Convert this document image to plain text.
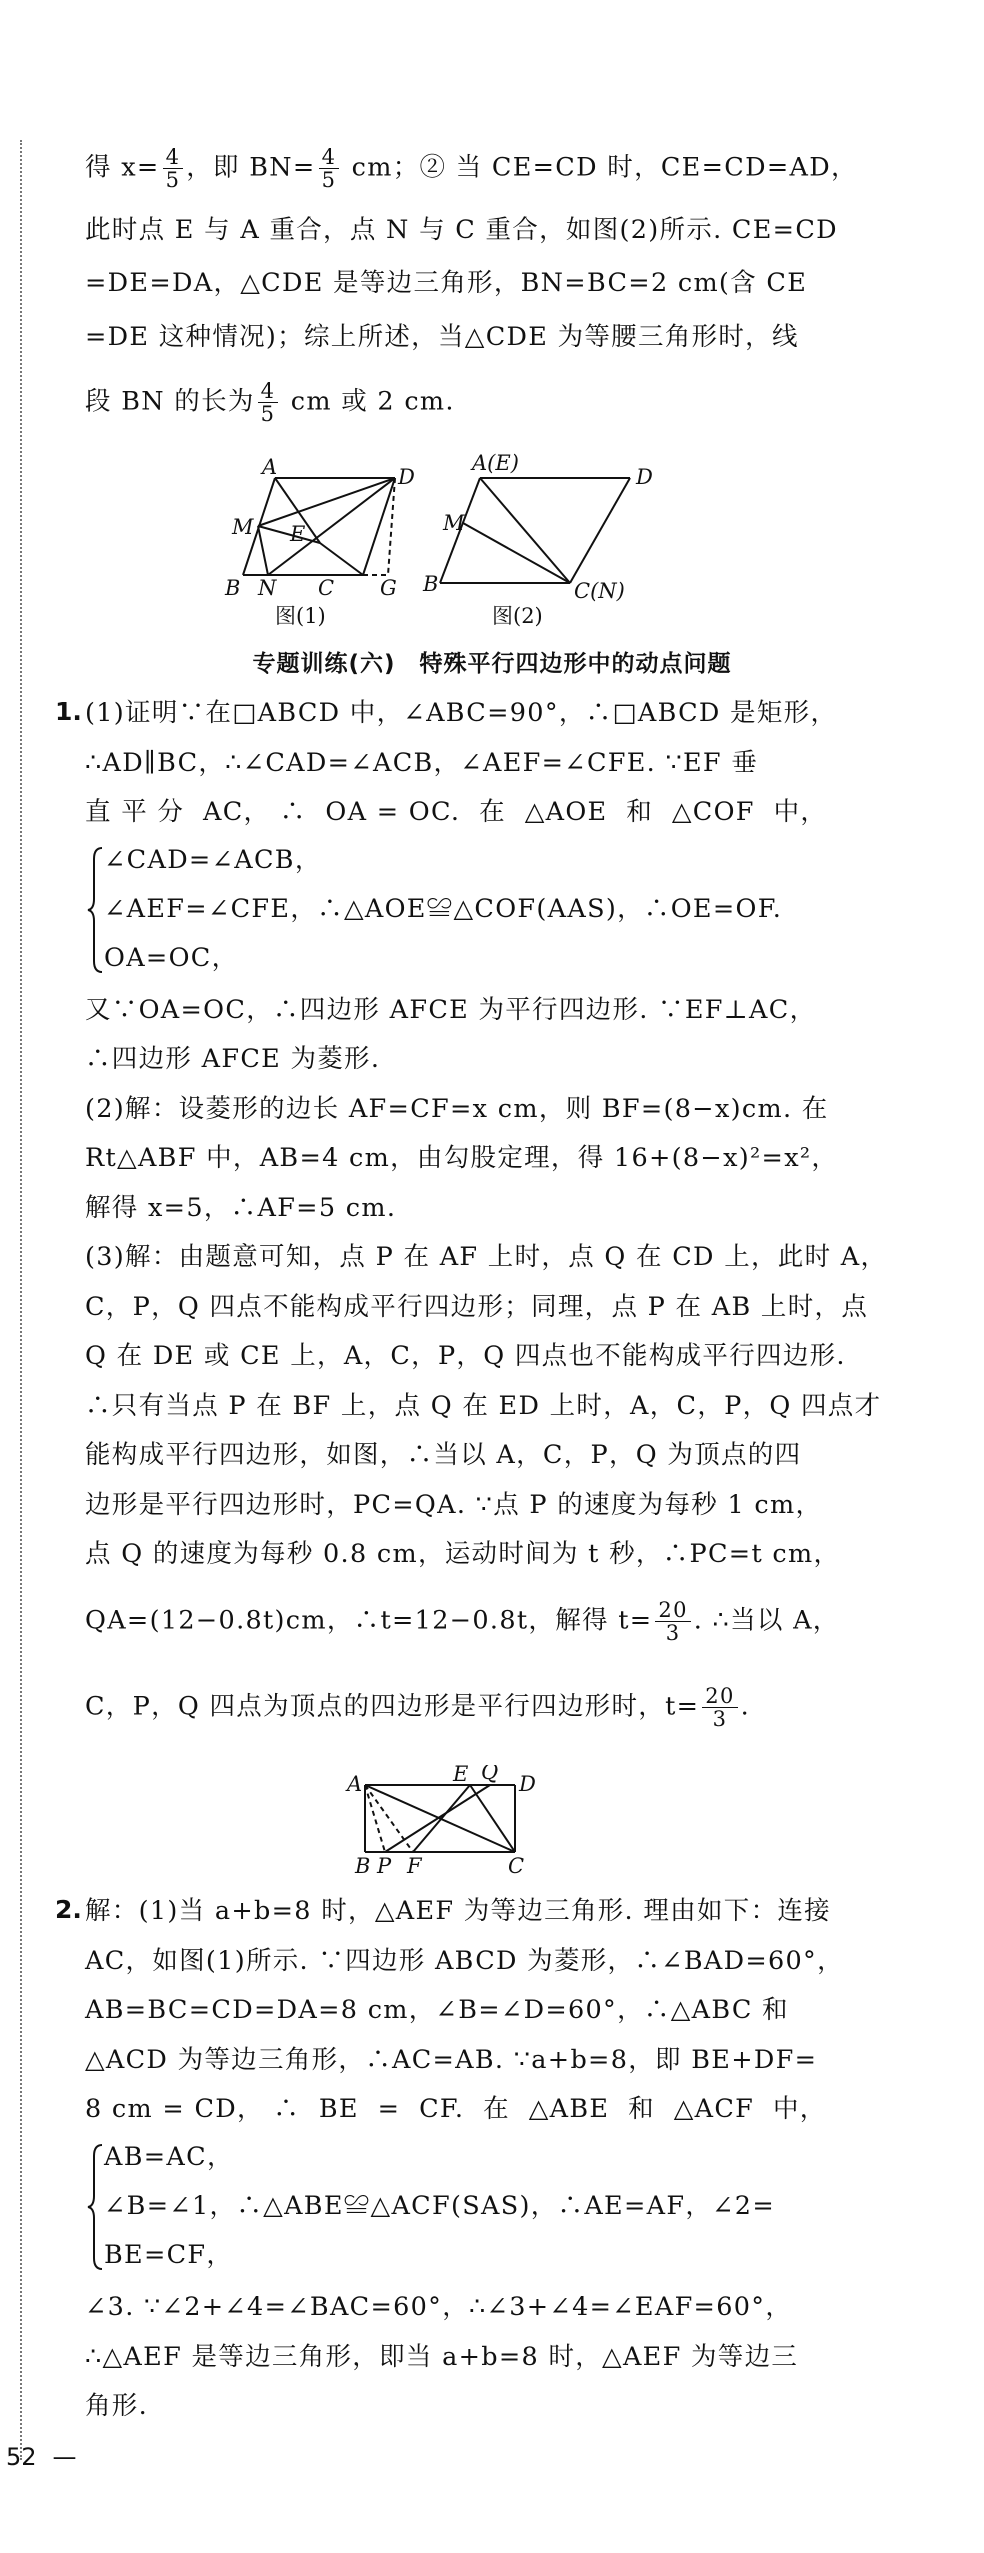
得 $x= \frac{4}{5}$ ，即 $BN= \frac{4}{5}$ cm；② 当 CE=CD 时，CE=CD=AD，
此时点 E 与 A 重合，点 N 与 C 重合，如图(2)所示. CE=CD
=DE=DA，△CDE 是等边三角形，BN=BC=2 cm(含 CE
=DE 这种情况)；综上所述，当△CDE 为等腰三角形时，线
段 BN 的长为 $\frac{4}{5}$ cm 或 2 cm.
A	D
M E
B N C G
图(1)
A(E)
D
M
B	C(N)
图(2)
专题训练(六)　特殊平行四边形中的动点问题
1. (1)证明∵在□ABCD 中，∠ABC=90°，∴□ABCD 是矩形，
∴AD∥BC，∴∠CAD=∠ACB，∠AEF=∠CFE. ∵EF 垂
直 平 分  AC， ∴  OA = OC.  在  △AOE  和  △COF  中，
∠CAD=∠ACB，
∠AEF=∠CFE，∴△AOE≌△COF(AAS)，∴OE=OF.
OA=OC，
又∵OA=OC，∴四边形 AFCE 为平行四边形. ∵EF⊥AC，
∴四边形 AFCE 为菱形.
(2)解：设菱形的边长 AF=CF=x cm，则 BF=(8−x)cm. 在
Rt△ABF 中，AB=4 cm，由勾股定理，得 16+(8−x)²=x²，
解得 x=5，∴AF=5 cm.
(3)解：由题意可知，点 P 在 AF 上时，点 Q 在 CD 上，此时 A，
C，P，Q 四点不能构成平行四边形；同理，点 P 在 AB 上时，点
Q 在 DE 或 CE 上，A，C，P，Q 四点也不能构成平行四边形.
∴只有当点 P 在 BF 上，点 Q 在 ED 上时，A，C，P，Q 四点才
能构成平行四边形，如图，∴当以 A，C，P，Q 为顶点的四
边形是平行四边形时，PC=QA. ∵点 P 的速度为每秒 1 cm，
点 Q 的速度为每秒 0.8 cm，运动时间为 t 秒，∴PC=t cm，
QA=(12−0.8t)cm，∴t=12−0.8t，解得 $t= \frac{20}{3}$ . ∴当以 A，
C，P，Q 四点为顶点的四边形是平行四边形时，$t= \frac{20}{3}$ .
A	E Q D
B P F	C
2. 解：(1)当 a+b=8 时，△AEF 为等边三角形. 理由如下：连接
AC，如图(1)所示. ∵四边形 ABCD 为菱形，∴∠BAD=60°，
AB=BC=CD=DA=8 cm，∠B=∠D=60°，∴△ABC 和
△ACD 为等边三角形，∴AC=AB. ∵a+b=8，即 BE+DF=
8 cm = CD， ∴  BE  =  CF.  在  △ABE  和  △ACF  中，
AB=AC，
∠B=∠1，∴△ABE≌△ACF(SAS)，∴AE=AF，∠2=
BE=CF，
∠3. ∵∠2+∠4=∠BAC=60°，∴∠3+∠4=∠EAF=60°，
∴△AEF 是等边三角形，即当 a+b=8 时，△AEF 为等边三
角形.
52 —
